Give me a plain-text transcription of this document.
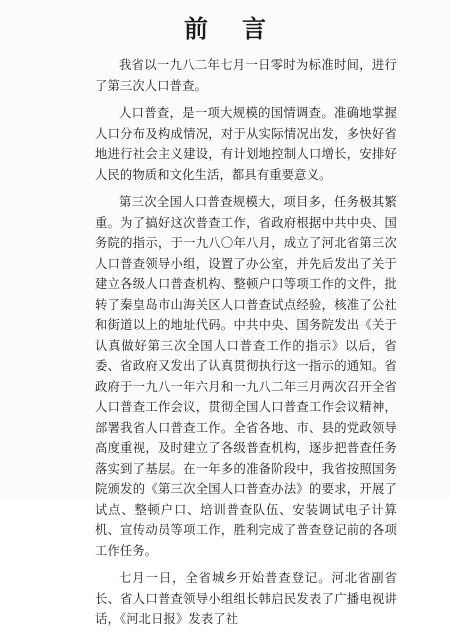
前言

我省以一九八二年七月一日零时为标准时间，进行了第三次人口普查。

人口普查，是一项大规模的国情调查。准确地掌握人口分布及构成情况，对于从实际情况出发，多快好省地进行社会主义建设，有计划地控制人口增长，安排好人民的物质和文化生活，都具有重要意义。

第三次全国人口普查规模大，项目多，任务极其繁重。为了搞好这次普查工作，省政府根据中共中央、国务院的指示，于一九八〇年八月，成立了河北省第三次人口普查领导小组，设置了办公室，并先后发出了关于建立各级人口普查机构、整顿户口等项工作的文件，批转了秦皇岛市山海关区人口普查试点经验，核准了公社和街道以上的地址代码。中共中央、国务院发出《关于认真做好第三次全国人口普查工作的指示》以后，省委、省政府又发出了认真贯彻执行这一指示的通知。省政府于一九八一年六月和一九八二年三月两次召开全省人口普查工作会议，贯彻全国人口普查工作会议精神，部署我省人口普查工作。全省各地、市、县的党政领导高度重视，及时建立了各级普查机构，逐步把普查任务落实到了基层。在一年多的准备阶段中，我省按照国务院颁发的《第三次全国人口普查办法》的要求，开展了试点、整顿户口、培训普查队伍、安装调试电子计算机、宣传动员等项工作，胜利完成了普查登记前的各项工作任务。

七月一日，全省城乡开始普查登记。河北省副省长、省人口普查领导小组组长韩启民发表了广播电视讲话，《河北日报》发表了社
